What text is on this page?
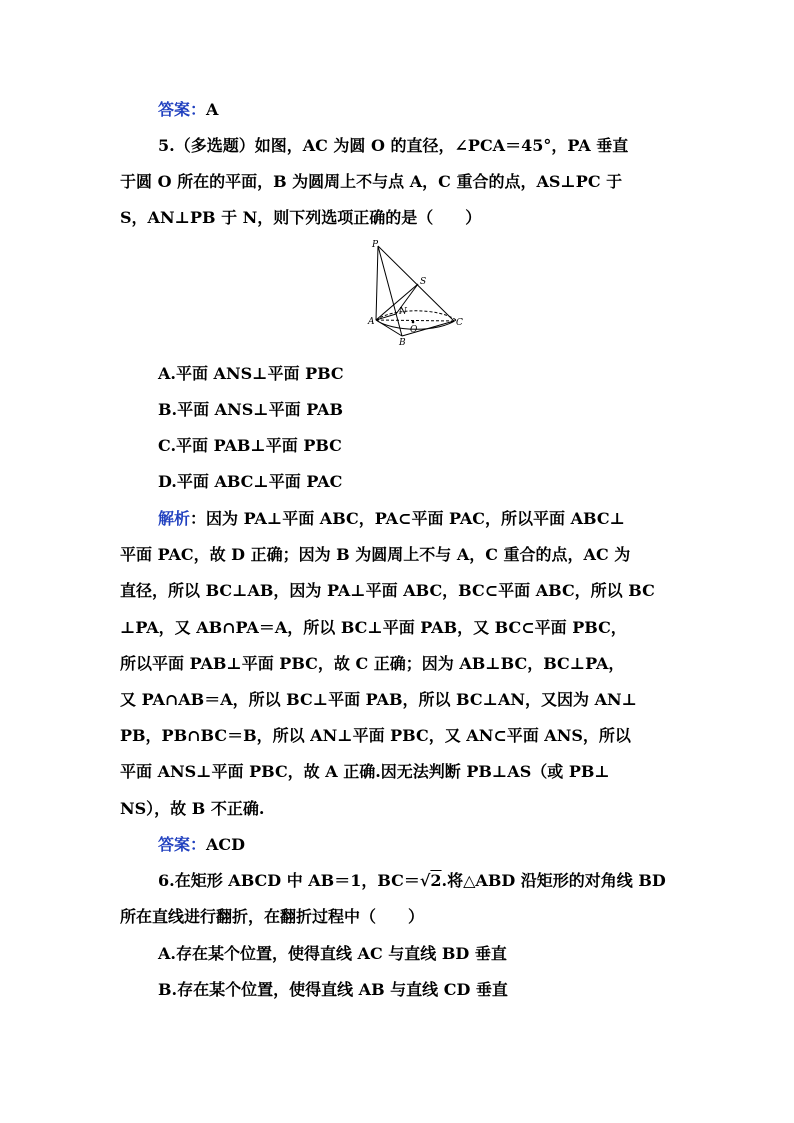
答案：A
5.（多选题）如图，AC 为圆 O 的直径，∠PCA＝45°，PA 垂直
于圆 O 所在的平面，B 为圆周上不与点 A，C 重合的点，AS⊥PC 于
S，AN⊥PB 于 N，则下列选项正确的是（　　）
P
S
N
A
O
C
B
A.平面 ANS⊥平面 PBC
B.平面 ANS⊥平面 PAB
C.平面 PAB⊥平面 PBC
D.平面 ABC⊥平面 PAC
解析：因为 PA⊥平面 ABC，PA⊂平面 PAC，所以平面 ABC⊥
平面 PAC，故 D 正确；因为 B 为圆周上不与 A，C 重合的点，AC 为
直径，所以 BC⊥AB，因为 PA⊥平面 ABC，BC⊂平面 ABC，所以 BC
⊥PA，又 AB∩PA＝A，所以 BC⊥平面 PAB，又 BC⊂平面 PBC，
所以平面 PAB⊥平面 PBC，故 C 正确；因为 AB⊥BC，BC⊥PA，
又 PA∩AB＝A，所以 BC⊥平面 PAB，所以 BC⊥AN，又因为 AN⊥
PB，PB∩BC＝B，所以 AN⊥平面 PBC，又 AN⊂平面 ANS，所以
平面 ANS⊥平面 PBC，故 A 正确.因无法判断 PB⊥AS（或 PB⊥
NS），故 B 不正确.
答案：ACD
6.在矩形 ABCD 中 AB＝1，BC＝√2.将△ABD 沿矩形的对角线 BD
所在直线进行翻折，在翻折过程中（　　）
A.存在某个位置，使得直线 AC 与直线 BD 垂直
B.存在某个位置，使得直线 AB 与直线 CD 垂直
